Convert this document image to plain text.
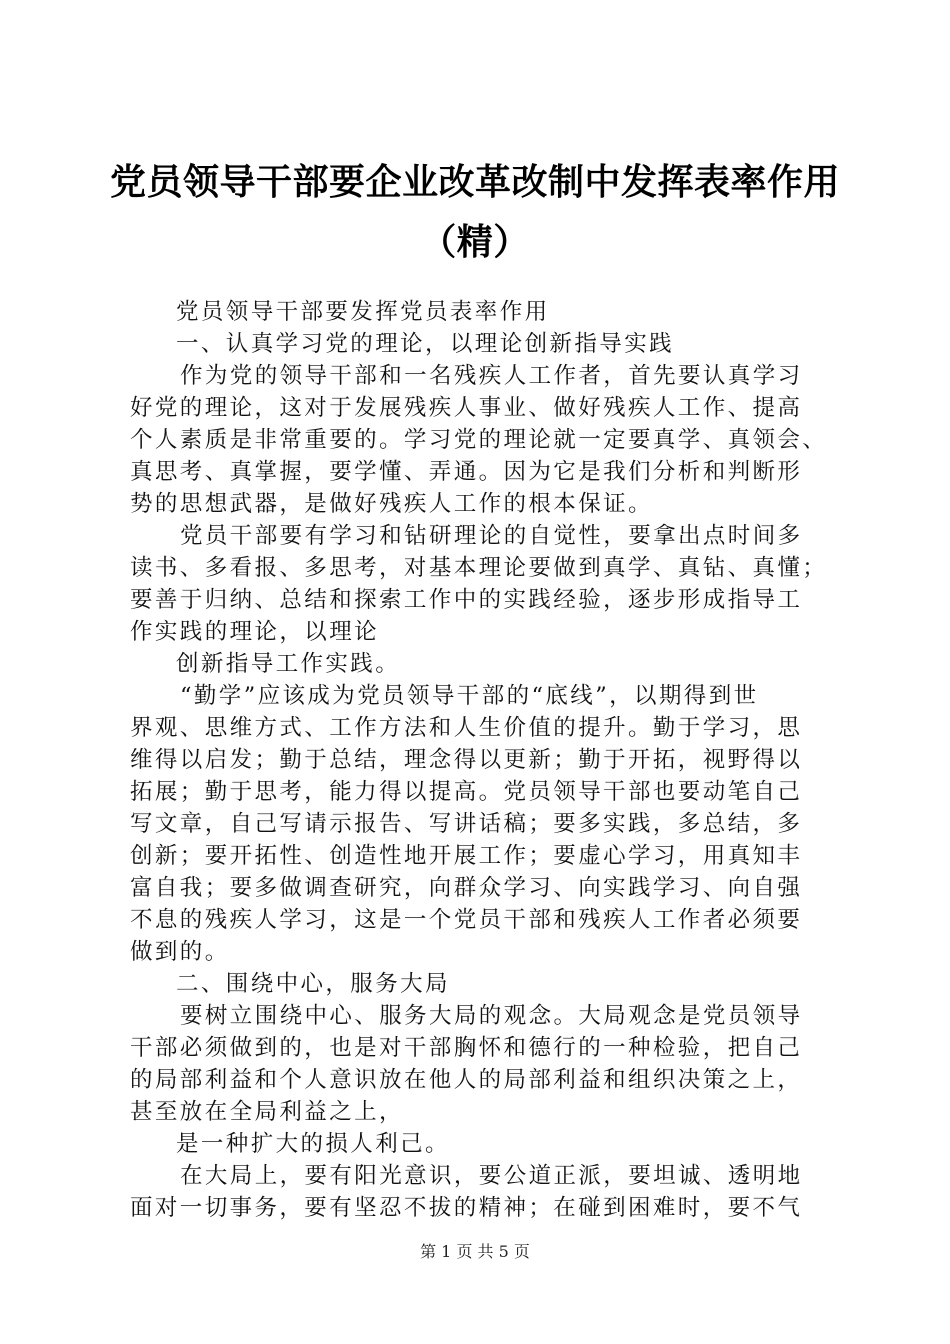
党员领导干部要企业改革改制中发挥表率作用
（精）
党员领导干部要发挥党员表率作用
一、认真学习党的理论，以理论创新指导实践
作为党的领导干部和一名残疾人工作者，首先要认真学习
好党的理论，这对于发展残疾人事业、做好残疾人工作、提高
个人素质是非常重要的。学习党的理论就一定要真学、真领会、
真思考、真掌握，要学懂、弄通。因为它是我们分析和判断形
势的思想武器，是做好残疾人工作的根本保证。
党员干部要有学习和钻研理论的自觉性，要拿出点时间多
读书、多看报、多思考，对基本理论要做到真学、真钻、真懂；
要善于归纳、总结和探索工作中的实践经验，逐步形成指导工
作实践的理论，以理论
创新指导工作实践。
“勤学”应该成为党员领导干部的“底线”，以期得到世
界观、思维方式、工作方法和人生价值的提升。勤于学习，思
维得以启发；勤于总结，理念得以更新；勤于开拓，视野得以
拓展；勤于思考，能力得以提高。党员领导干部也要动笔自己
写文章，自己写请示报告、写讲话稿；要多实践，多总结，多
创新；要开拓性、创造性地开展工作；要虚心学习，用真知丰
富自我；要多做调查研究，向群众学习、向实践学习、向自强
不息的残疾人学习，这是一个党员干部和残疾人工作者必须要
做到的。
二、围绕中心，服务大局
要树立围绕中心、服务大局的观念。大局观念是党员领导
干部必须做到的，也是对干部胸怀和德行的一种检验，把自己
的局部利益和个人意识放在他人的局部利益和组织决策之上，
甚至放在全局利益之上，
是一种扩大的损人利己。
在大局上，要有阳光意识，要公道正派，要坦诚、透明地
面对一切事务，要有坚忍不拔的精神；在碰到困难时，要不气
第 1 页 共 5 页
